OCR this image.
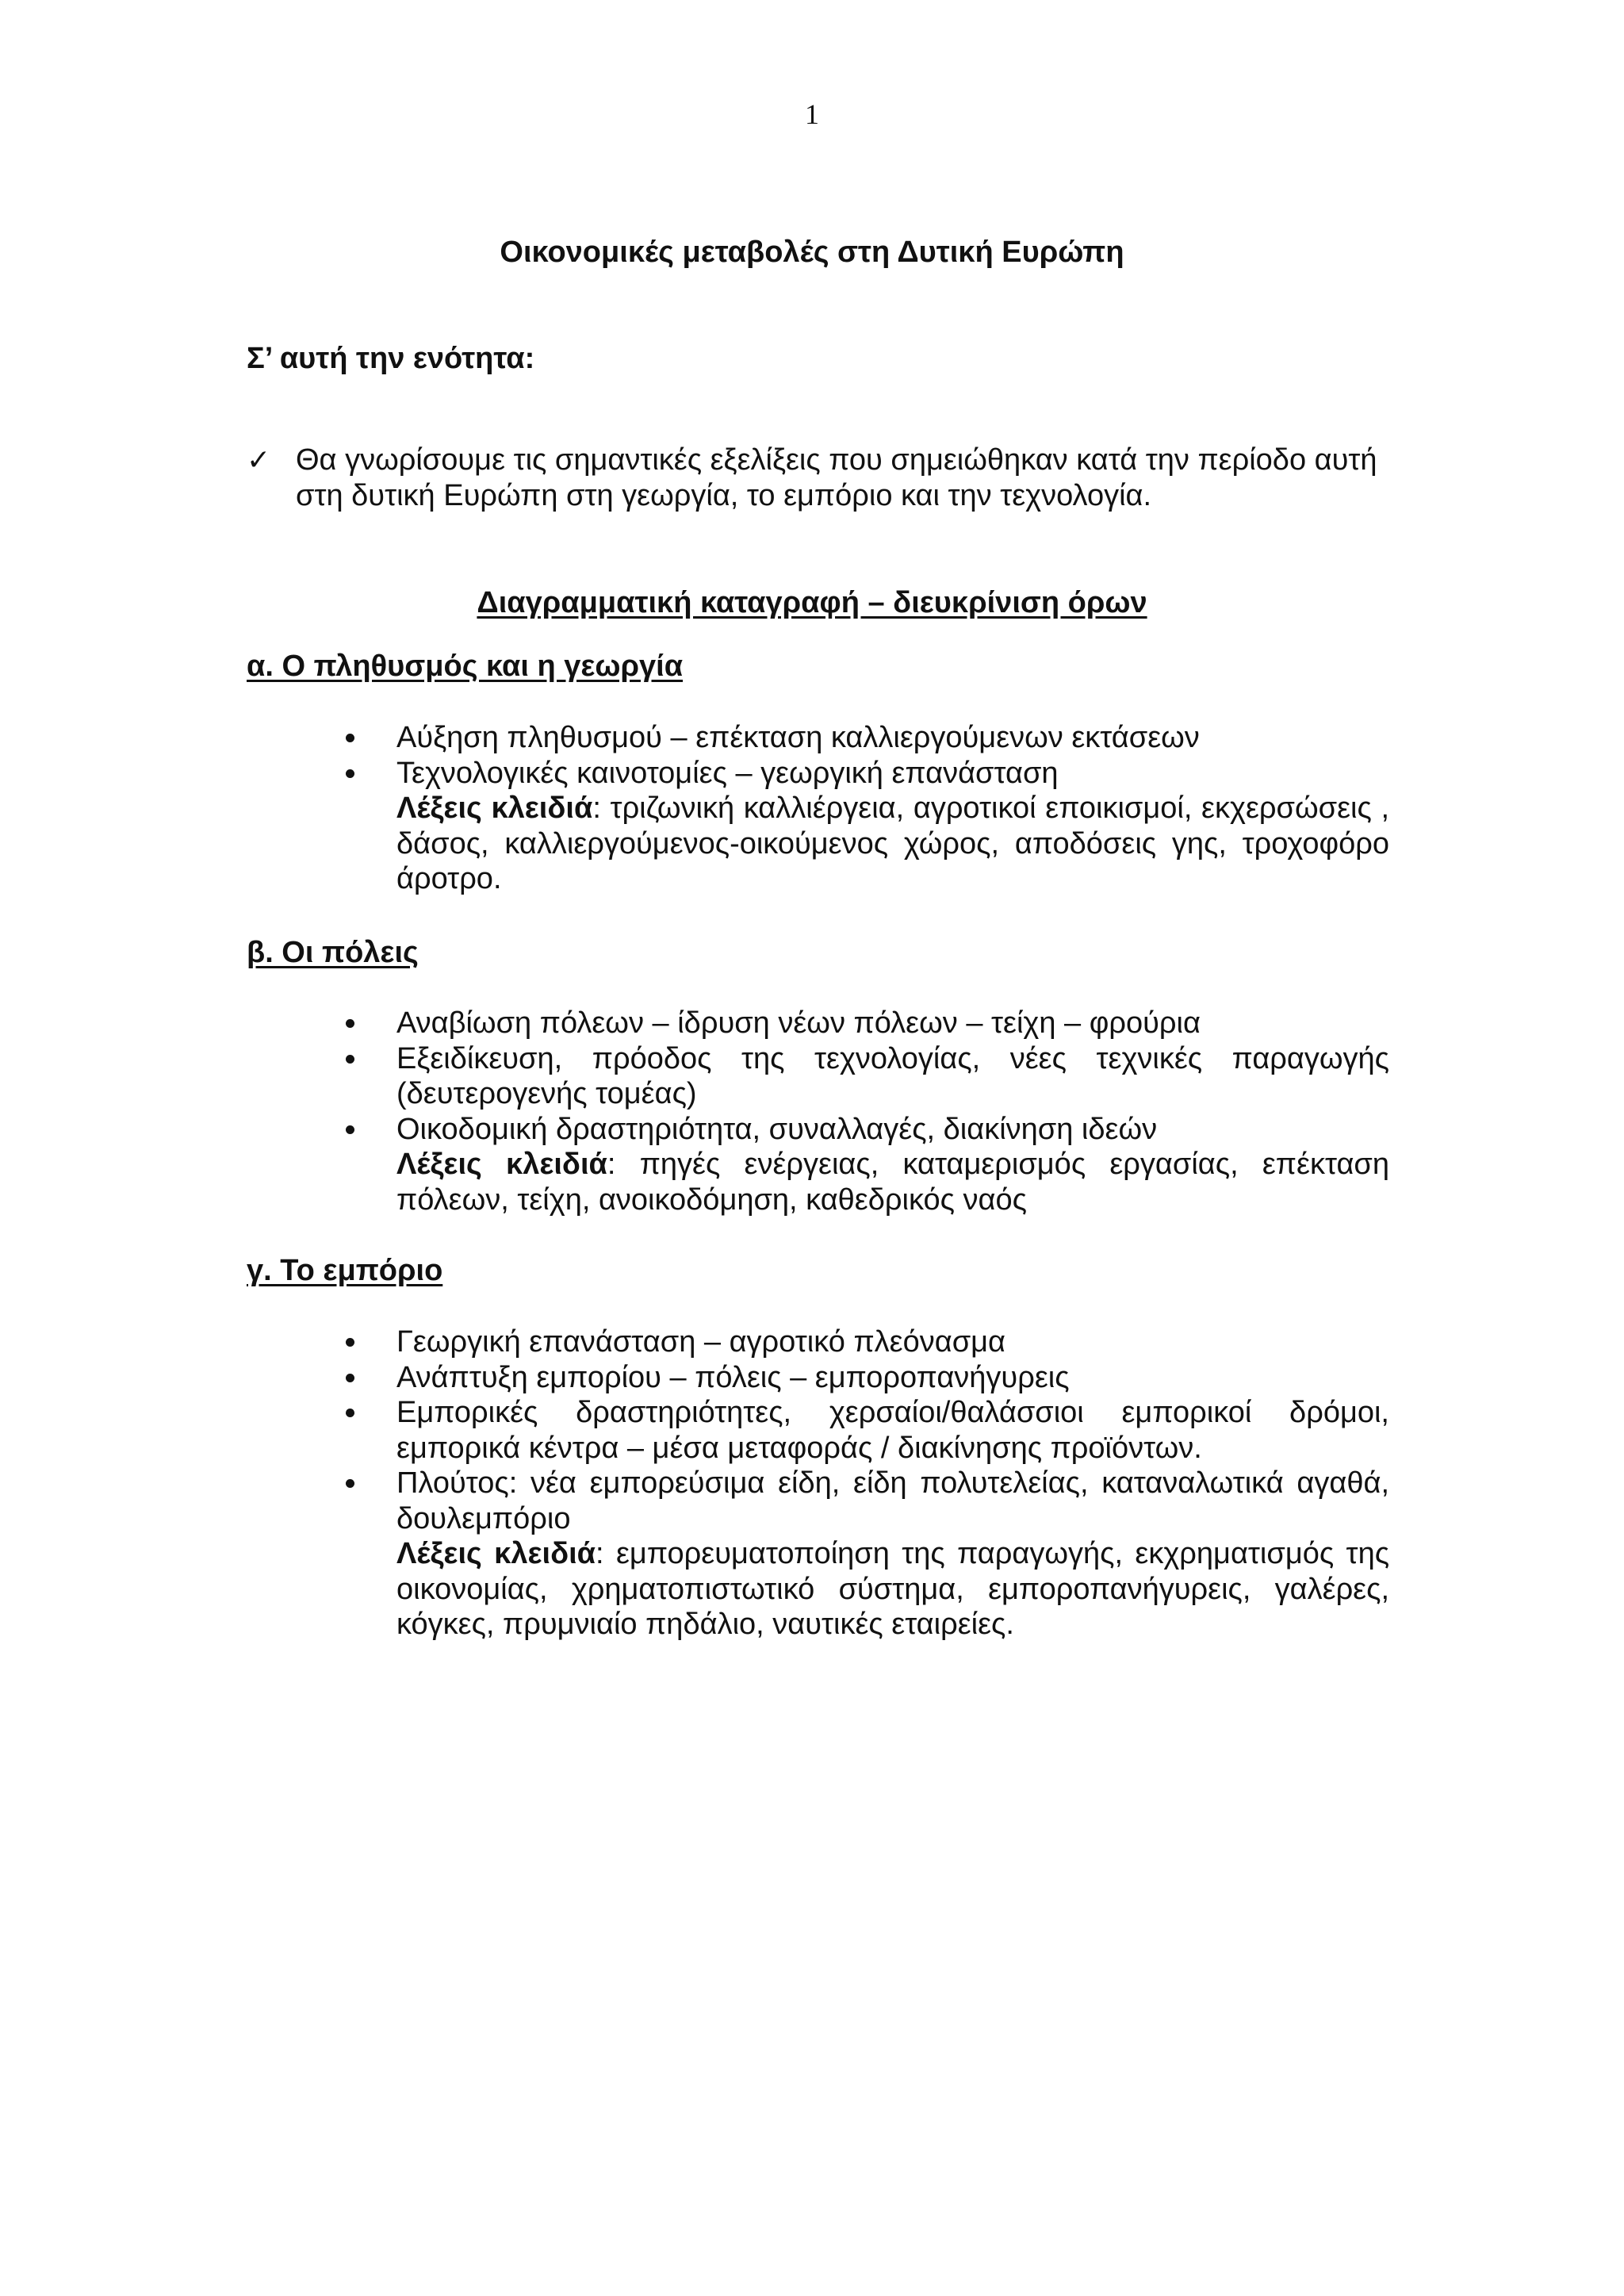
1
Οικονομικές μεταβολές στη Δυτική Ευρώπη
Σ’ αυτή την ενότητα:
✓ Θα γνωρίσουμε τις σημαντικές εξελίξεις που σημειώθηκαν κατά την περίοδο αυτή στη δυτική Ευρώπη στη γεωργία, το εμπόριο και την τεχνολογία.
Διαγραμματική καταγραφή – διευκρίνιση όρων
α. Ο πληθυσμός και η γεωργία
Αύξηση πληθυσμού – επέκταση καλλιεργούμενων εκτάσεων
Τεχνολογικές καινοτομίες – γεωργική επανάσταση
Λέξεις κλειδιά: τριζωνική καλλιέργεια, αγροτικοί εποικισμοί, εκχερσώσεις , δάσος, καλλιεργούμενος-οικούμενος χώρος, αποδόσεις γης, τροχοφόρο άροτρο.
β. Οι πόλεις
Αναβίωση πόλεων – ίδρυση νέων πόλεων – τείχη – φρούρια
Εξειδίκευση, πρόοδος της τεχνολογίας, νέες τεχνικές παραγωγής (δευτερογενής τομέας)
Οικοδομική δραστηριότητα, συναλλαγές, διακίνηση ιδεών
Λέξεις κλειδιά: πηγές ενέργειας, καταμερισμός εργασίας, επέκταση πόλεων, τείχη, ανοικοδόμηση, καθεδρικός ναός
γ. Το εμπόριο
Γεωργική επανάσταση – αγροτικό πλεόνασμα
Ανάπτυξη εμπορίου – πόλεις – εμποροπανήγυρεις
Εμπορικές δραστηριότητες, χερσαίοι/θαλάσσιοι εμπορικοί δρόμοι, εμπορικά κέντρα – μέσα μεταφοράς / διακίνησης προϊόντων.
Πλούτος: νέα εμπορεύσιμα είδη, είδη πολυτελείας, καταναλωτικά αγαθά, δουλεμπόριο
Λέξεις κλειδιά: εμπορευματοποίηση της παραγωγής, εκχρηματισμός της οικονομίας, χρηματοπιστωτικό σύστημα, εμποροπανήγυρεις, γαλέρες, κόγκες, πρυμνιαίο πηδάλιο, ναυτικές εταιρείες.
